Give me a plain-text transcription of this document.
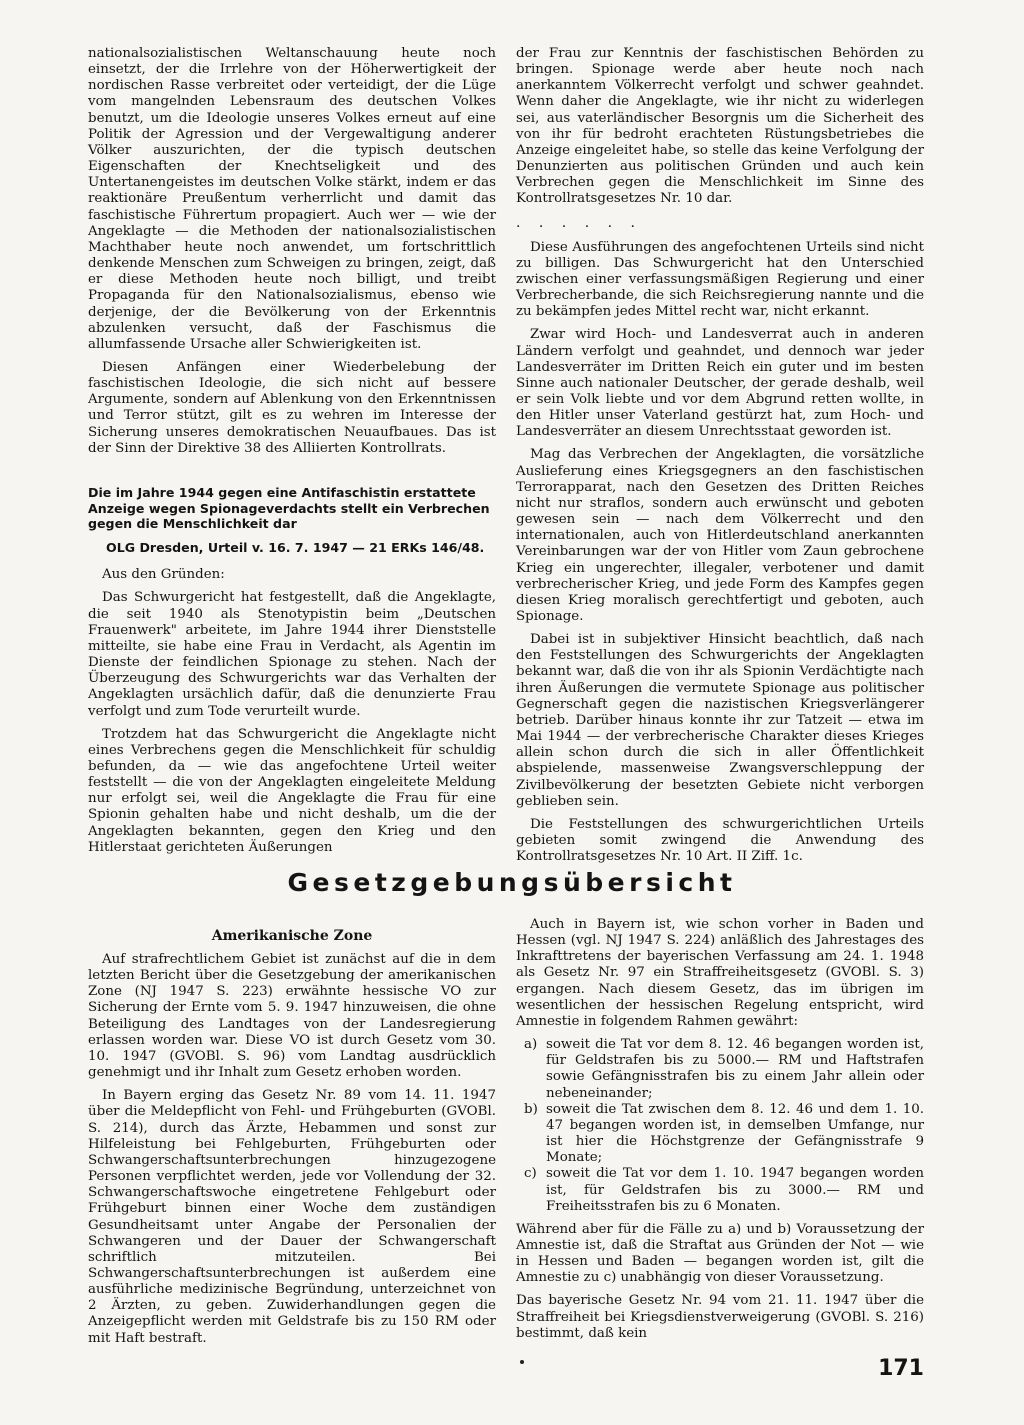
nationalsozialistischen Weltanschauung heute noch einsetzt, der die Irrlehre von der Höherwertigkeit der nordischen Rasse verbreitet oder verteidigt, der die Lüge vom mangelnden Lebensraum des deutschen Volkes benutzt, um die Ideologie unseres Volkes erneut auf eine Politik der Agression und der Vergewaltigung anderer Völker auszurichten, der die typisch deutschen Eigenschaften der Knechtseligkeit und des Untertanengeistes im deutschen Volke stärkt, indem er das reaktionäre Preußentum verherrlicht und damit das faschistische Führertum propagiert. Auch wer — wie der Angeklagte — die Methoden der nationalsozialistischen Machthaber heute noch anwendet, um fortschrittlich denkende Menschen zum Schweigen zu bringen, zeigt, daß er diese Methoden heute noch billigt, und treibt Propaganda für den Nationalsozialismus, ebenso wie derjenige, der die Bevölkerung von der Erkenntnis abzulenken versucht, daß der Faschismus die allumfassende Ursache aller Schwierigkeiten ist.

Diesen Anfängen einer Wiederbelebung der faschistischen Ideologie, die sich nicht auf bessere Argumente, sondern auf Ablenkung von den Erkenntnissen und Terror stützt, gilt es zu wehren im Interesse der Sicherung unseres demokratischen Neuaufbaues. Das ist der Sinn der Direktive 38 des Alliierten Kontrollrats.

Die im Jahre 1944 gegen eine Antifaschistin erstattete Anzeige wegen Spionageverdachts stellt ein Verbrechen gegen die Menschlichkeit dar

OLG Dresden, Urteil v. 16. 7. 1947 — 21 ERKs 146/48.

Aus den Gründen:

Das Schwurgericht hat festgestellt, daß die Angeklagte, die seit 1940 als Stenotypistin beim „Deutschen Frauenwerk" arbeitete, im Jahre 1944 ihrer Dienststelle mitteilte, sie habe eine Frau in Verdacht, als Agentin im Dienste der feindlichen Spionage zu stehen. Nach der Überzeugung des Schwurgerichts war das Verhalten der Angeklagten ursächlich dafür, daß die denunzierte Frau verfolgt und zum Tode verurteilt wurde.

Trotzdem hat das Schwurgericht die Angeklagte nicht eines Verbrechens gegen die Menschlichkeit für schuldig befunden, da — wie das angefochtene Urteil weiter feststellt — die von der Angeklagten eingeleitete Meldung nur erfolgt sei, weil die Angeklagte die Frau für eine Spionin gehalten habe und nicht deshalb, um die der Angeklagten bekannten, gegen den Krieg und den Hitlerstaat gerichteten Äußerungen

der Frau zur Kenntnis der faschistischen Behörden zu bringen. Spionage werde aber heute noch nach anerkanntem Völkerrecht verfolgt und schwer geahndet. Wenn daher die Angeklagte, wie ihr nicht zu widerlegen sei, aus vaterländischer Besorgnis um die Sicherheit des von ihr für bedroht erachteten Rüstungsbetriebes die Anzeige eingeleitet habe, so stelle das keine Verfolgung der Denunzierten aus politischen Gründen und auch kein Verbrechen gegen die Menschlichkeit im Sinne des Kontrollratsgesetzes Nr. 10 dar.

. . . . . .

Diese Ausführungen des angefochtenen Urteils sind nicht zu billigen. Das Schwurgericht hat den Unterschied zwischen einer verfassungsmäßigen Regierung und einer Verbrecherbande, die sich Reichsregierung nannte und die zu bekämpfen jedes Mittel recht war, nicht erkannt.

Zwar wird Hoch- und Landesverrat auch in anderen Ländern verfolgt und geahndet, und dennoch war jeder Landesverräter im Dritten Reich ein guter und im besten Sinne auch nationaler Deutscher, der gerade deshalb, weil er sein Volk liebte und vor dem Abgrund retten wollte, in den Hitler unser Vaterland gestürzt hat, zum Hoch- und Landesverräter an diesem Unrechtsstaat geworden ist.

Mag das Verbrechen der Angeklagten, die vorsätzliche Auslieferung eines Kriegsgegners an den faschistischen Terrorapparat, nach den Gesetzen des Dritten Reiches nicht nur straflos, sondern auch erwünscht und geboten gewesen sein — nach dem Völkerrecht und den internationalen, auch von Hitlerdeutschland anerkannten Vereinbarungen war der von Hitler vom Zaun gebrochene Krieg ein ungerechter, illegaler, verbotener und damit verbrecherischer Krieg, und jede Form des Kampfes gegen diesen Krieg moralisch gerechtfertigt und geboten, auch Spionage.

Dabei ist in subjektiver Hinsicht beachtlich, daß nach den Feststellungen des Schwurgerichts der Angeklagten bekannt war, daß die von ihr als Spionin Verdächtigte nach ihren Äußerungen die vermutete Spionage aus politischer Gegnerschaft gegen die nazistischen Kriegsverlängerer betrieb. Darüber hinaus konnte ihr zur Tatzeit — etwa im Mai 1944 — der verbrecherische Charakter dieses Krieges allein schon durch die sich in aller Öffentlichkeit abspielende, massenweise Zwangsverschleppung der Zivilbevölkerung der besetzten Gebiete nicht verborgen geblieben sein.

Die Feststellungen des schwurgerichtlichen Urteils gebieten somit zwingend die Anwendung des Kontrollratsgesetzes Nr. 10 Art. II Ziff. 1c.

Gesetzgebungsübersicht
Amerikanische Zone

Auf strafrechtlichem Gebiet ist zunächst auf die in dem letzten Bericht über die Gesetzgebung der amerikanischen Zone (NJ 1947 S. 223) erwähnte hessische VO zur Sicherung der Ernte vom 5. 9. 1947 hinzuweisen, die ohne Beteiligung des Landtages von der Landesregierung erlassen worden war. Diese VO ist durch Gesetz vom 30. 10. 1947 (GVOBl. S. 96) vom Landtag ausdrücklich genehmigt und ihr Inhalt zum Gesetz erhoben worden.

In Bayern erging das Gesetz Nr. 89 vom 14. 11. 1947 über die Meldepflicht von Fehl- und Frühgeburten (GVOBl. S. 214), durch das Ärzte, Hebammen und sonst zur Hilfeleistung bei Fehlgeburten, Frühgeburten oder Schwangerschaftsunterbrechungen hinzugezogene Personen verpflichtet werden, jede vor Vollendung der 32. Schwangerschaftswoche eingetretene Fehlgeburt oder Frühgeburt binnen einer Woche dem zuständigen Gesundheitsamt unter Angabe der Personalien der Schwangeren und der Dauer der Schwangerschaft schriftlich mitzuteilen. Bei Schwangerschaftsunterbrechungen ist außerdem eine ausführliche medizinische Begründung, unterzeichnet von 2 Ärzten, zu geben. Zuwiderhandlungen gegen die Anzeigepflicht werden mit Geldstrafe bis zu 150 RM oder mit Haft bestraft.

Auch in Bayern ist, wie schon vorher in Baden und Hessen (vgl. NJ 1947 S. 224) anläßlich des Jahrestages des Inkrafttretens der bayerischen Verfassung am 24. 1. 1948 als Gesetz Nr. 97 ein Straffreiheitsgesetz (GVOBl. S. 3) ergangen. Nach diesem Gesetz, das im übrigen im wesentlichen der hessischen Regelung entspricht, wird Amnestie in folgendem Rahmen gewährt:

a) soweit die Tat vor dem 8. 12. 46 begangen worden ist, für Geldstrafen bis zu 5000.— RM und Haftstrafen sowie Gefängnisstrafen bis zu einem Jahr allein oder nebeneinander;
b) soweit die Tat zwischen dem 8. 12. 46 und dem 1. 10. 47 begangen worden ist, in demselben Umfange, nur ist hier die Höchstgrenze der Gefängnisstrafe 9 Monate;
c) soweit die Tat vor dem 1. 10. 1947 begangen worden ist, für Geldstrafen bis zu 3000.— RM und Freiheitsstrafen bis zu 6 Monaten.

Während aber für die Fälle zu a) und b) Voraussetzung der Amnestie ist, daß die Straftat aus Gründen der Not — wie in Hessen und Baden — begangen worden ist, gilt die Amnestie zu c) unabhängig von dieser Voraussetzung.

Das bayerische Gesetz Nr. 94 vom 21. 11. 1947 über die Straffreiheit bei Kriegsdienstverweigerung (GVOBl. S. 216) bestimmt, daß kein

171
